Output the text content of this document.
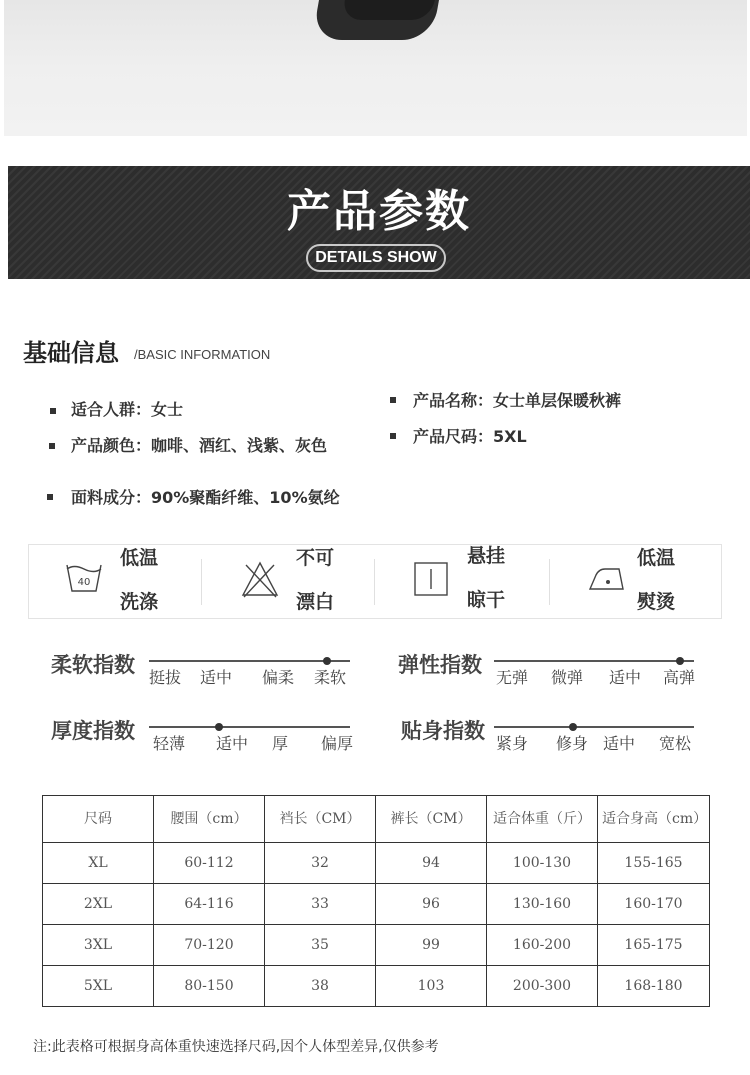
产品参数
DETAILS SHOW
基础信息 /BASIC INFORMATION
适合人群：女士
产品颜色：咖啡、酒红、浅紫、灰色
面料成分：90%聚酯纤维、10%氨纶
产品名称：女士单层保暖秋裤
产品尺码：5XL
40
低温
洗涤
不可
漂白
悬挂
晾干
低温
熨烫
柔软指数
挺拔 适中 偏柔 柔软
弹性指数
无弹 微弹 适中 高弹
厚度指数
轻薄 适中 厚 偏厚
贴身指数
紧身 修身 适中 宽松
尺码	腰围（cm）	裆长（CM）	裤长（CM）	适合体重（斤）	适合身高（cm）
XL	60-112	32	94	100-130	155-165
2XL	64-116	33	96	130-160	160-170
3XL	70-120	35	99	160-200	165-175
5XL	80-150	38	103	200-300	168-180
注:此表格可根据身高体重快速选择尺码,因个人体型差异,仅供参考
